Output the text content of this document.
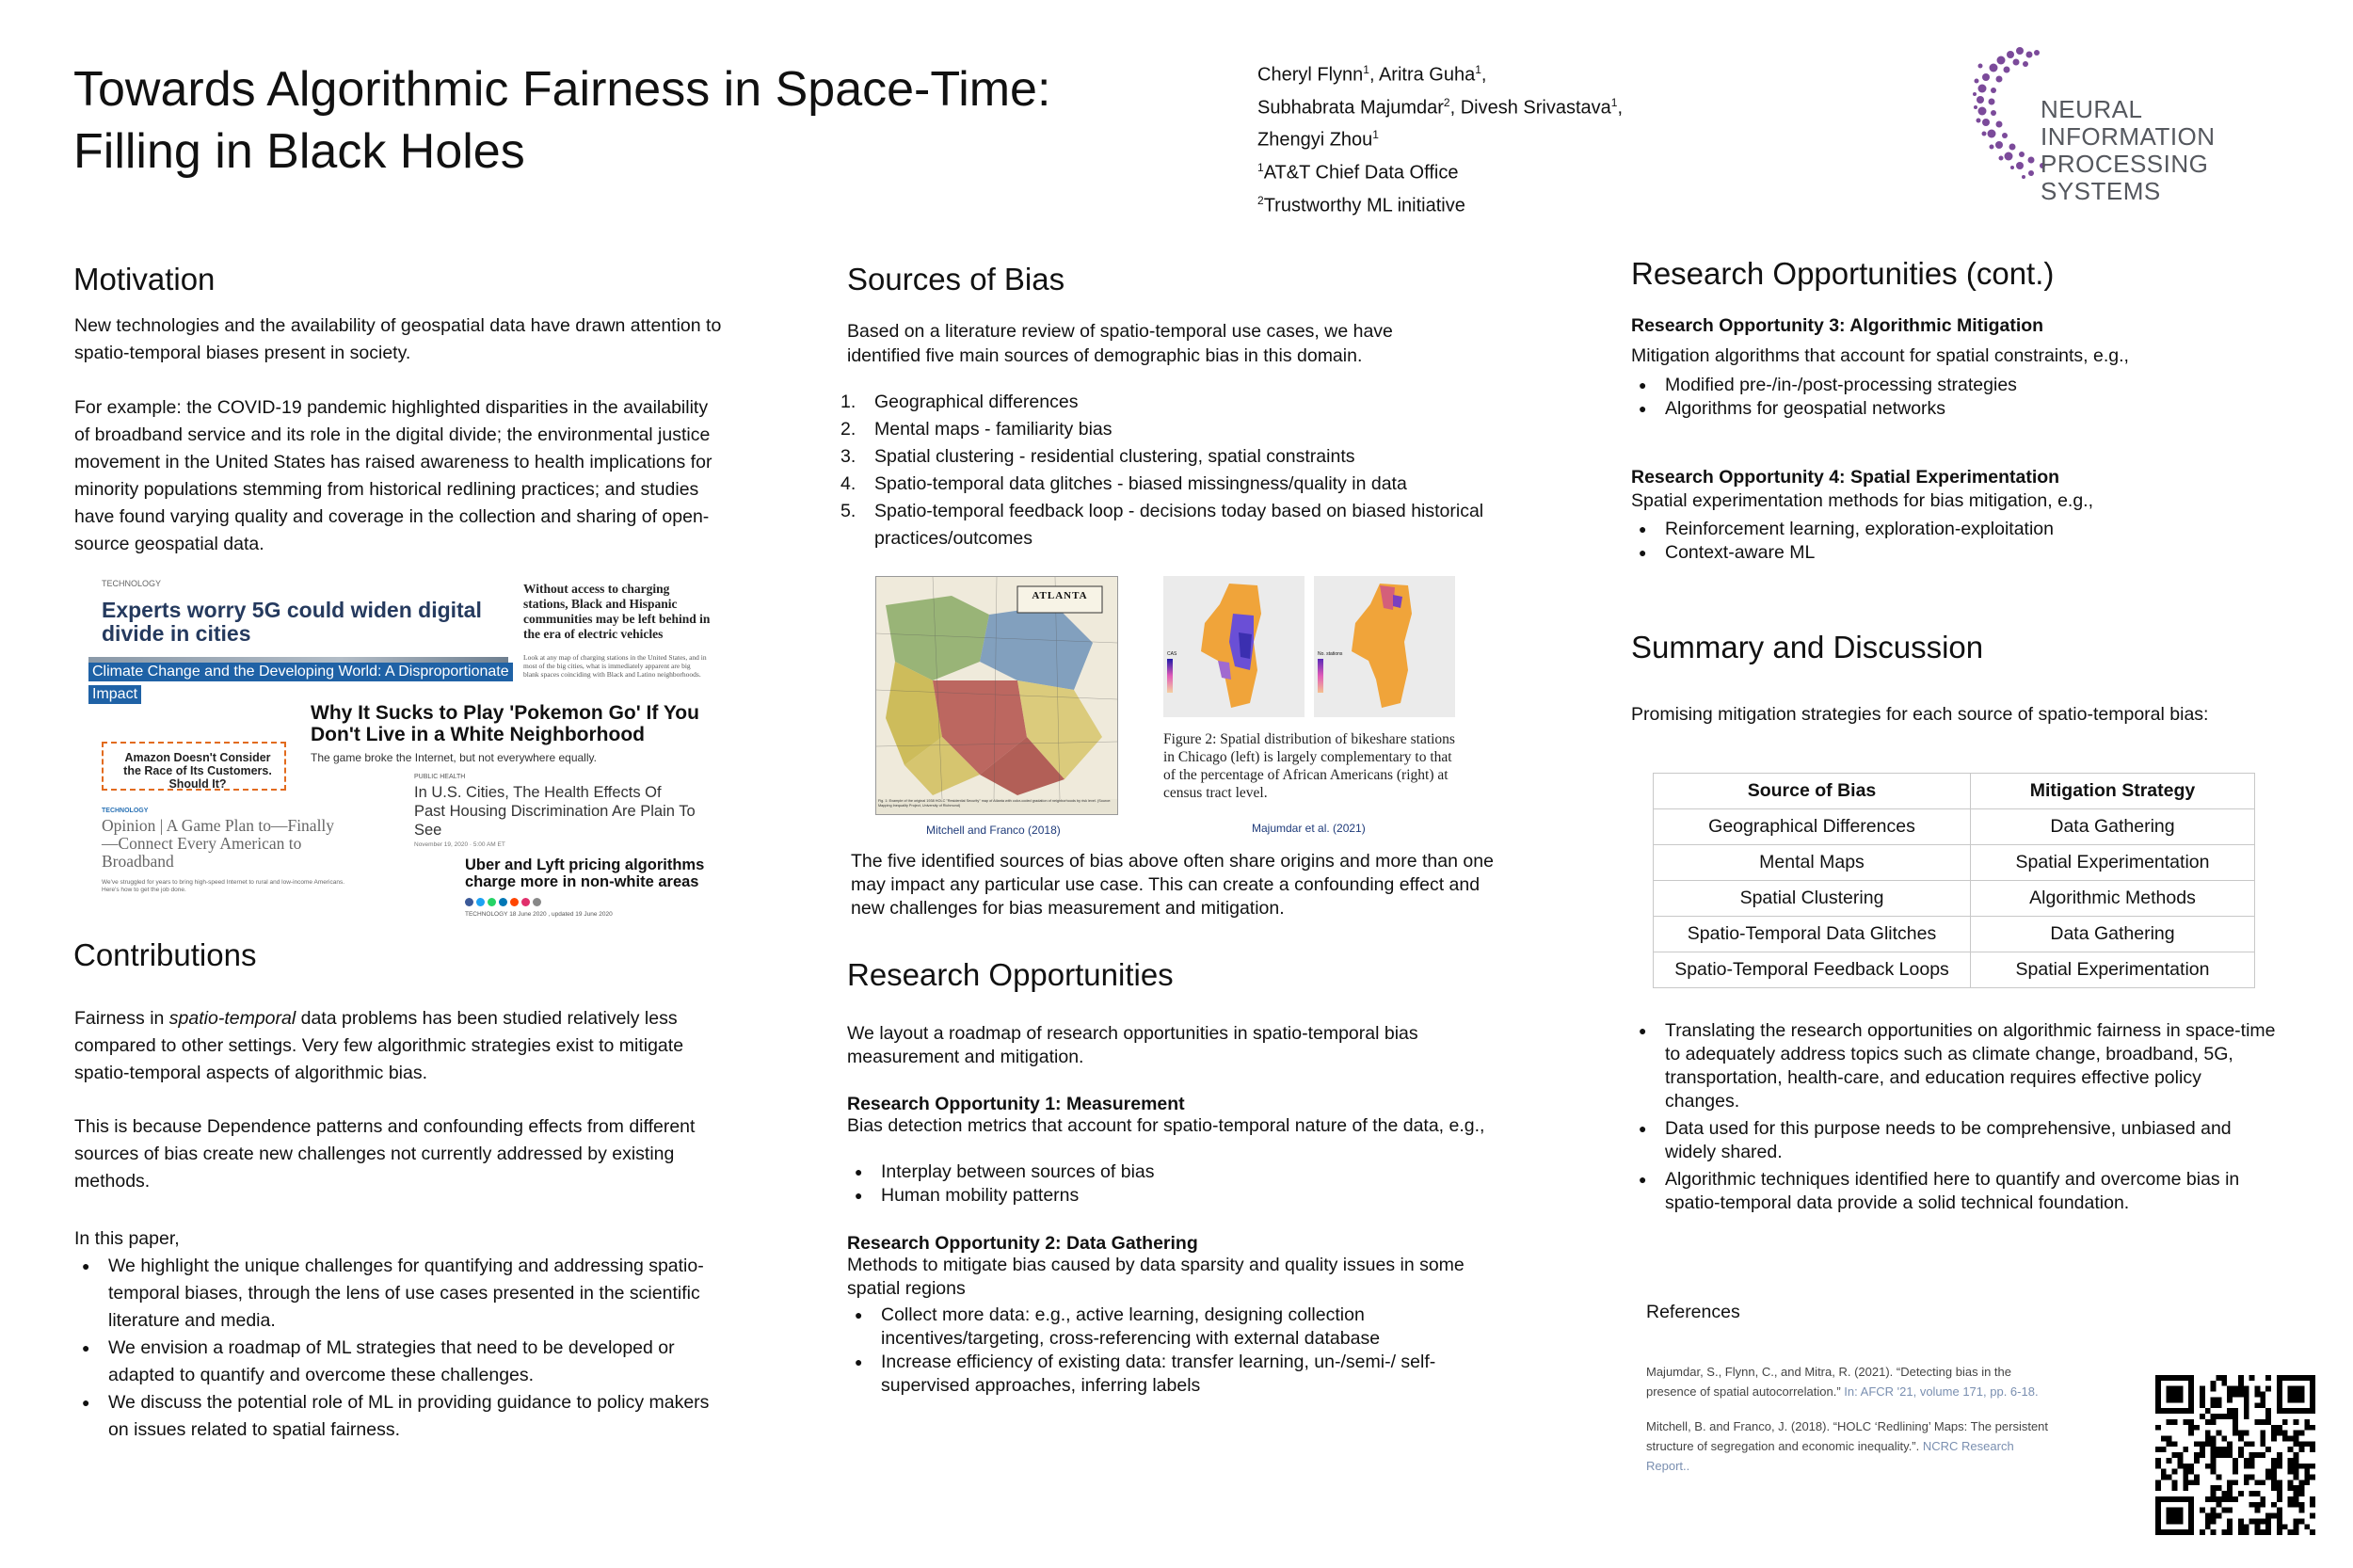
Towards Algorithmic Fairness in Space-Time:
Filling in Black Holes
Cheryl Flynn$^1$, Aritra Guha$^1$,
Subhabrata Majumdar$^2$, Divesh Srivastava$^1$,
Zhengyi Zhou$^1$
$^1$AT&T Chief Data Office
$^2$Trustworthy ML initiative
NEURAL INFORMATION
PROCESSING SYSTEMS
Motivation
New technologies and the availability of geospatial data have drawn attention to spatio-temporal biases present in society.
For example: the COVID-19 pandemic highlighted disparities in the availability of broadband service and its role in the digital divide; the environmental justice movement in the United States has raised awareness to health implications for minority populations stemming from historical redlining practices; and studies have found varying quality and coverage in the collection and sharing of open-source geospatial data.
TECHNOLOGY
Experts worry 5G could widen digital divide in cities
Without access to charging stations, Black and Hispanic communities may be left behind in the era of electric vehicles
Look at any map of charging stations in the United States, and in most of the big cities, what is immediately apparent are big blank spaces coinciding with Black and Latino neighborhoods.
Climate Change and the Developing World: A Disproportionate
Impact
Why It Sucks to Play 'Pokemon Go' If You Don't Live in a White Neighborhood
The game broke the Internet, but not everywhere equally.
Amazon Doesn't Consider the Race of Its Customers. Should It?
PUBLIC HEALTH
In U.S. Cities, The Health Effects Of Past Housing Discrimination Are Plain To See
November 19, 2020 · 5:00 AM ET
TECHNOLOGY
Opinion | A Game Plan to—Finally—Connect Every American to Broadband
We've struggled for years to bring high-speed Internet to rural and low-income Americans. Here's how to get the job done.
Uber and Lyft pricing algorithms charge more in non-white areas
TECHNOLOGY 18 June 2020 , updated 19 June 2020
Contributions
Fairness in spatio-temporal data problems has been studied relatively less compared to other settings. Very few algorithmic strategies exist to mitigate spatio-temporal aspects of algorithmic bias.
This is because Dependence patterns and confounding effects from different sources of bias create new challenges not currently addressed by existing methods.
In this paper,
● We highlight the unique challenges for quantifying and addressing spatio-temporal biases, through the lens of use cases presented in the scientific literature and media.
● We envision a roadmap of ML strategies that need to be developed or adapted to quantify and overcome these challenges.
● We discuss the potential role of ML in providing guidance to policy makers on issues related to spatial fairness.
Sources of Bias
Based on a literature review of spatio-temporal use cases, we have identified five main sources of demographic bias in this domain.
1. Geographical differences
2. Mental maps - familiarity bias
3. Spatial clustering - residential clustering, spatial constraints
4. Spatio-temporal data glitches - biased missingness/quality in data
5. Spatio-temporal feedback loop - decisions today based on biased historical practices/outcomes
ATLANTA
Fig. 1: Example of the original 1938 HOLC "Residential Security" map of Atlanta with color-coded gradation of neighborhoods by risk level. (Source: Mapping Inequality Project, University of Richmond)
Mitchell and Franco (2018)
CAS	No. stations
Figure 2: Spatial distribution of bikeshare stations in Chicago (left) is largely complementary to that of the percentage of African Americans (right) at census tract level.
Majumdar et al. (2021)
The five identified sources of bias above often share origins and more than one may impact any particular use case. This can create a confounding effect and new challenges for bias measurement and mitigation.
Research Opportunities
We layout a roadmap of research opportunities in spatio-temporal bias measurement and mitigation.
Research Opportunity 1: Measurement
Bias detection metrics that account for spatio-temporal nature of the data, e.g.,
● Interplay between sources of bias
● Human mobility patterns
Research Opportunity 2: Data Gathering
Methods to mitigate bias caused by data sparsity and quality issues in some spatial regions
● Collect more data: e.g., active learning, designing collection incentives/targeting, cross-referencing with external database
● Increase efficiency of existing data: transfer learning, un-/semi-/ self-supervised approaches, inferring labels
Research Opportunities (cont.)
Research Opportunity 3: Algorithmic Mitigation
Mitigation algorithms that account for spatial constraints, e.g.,
● Modified pre-/in-/post-processing strategies
● Algorithms for geospatial networks
Research Opportunity 4: Spatial Experimentation
Spatial experimentation methods for bias mitigation, e.g.,
● Reinforcement learning, exploration-exploitation
● Context-aware ML
Summary and Discussion
Promising mitigation strategies for each source of spatio-temporal bias:
Source of Bias	Mitigation Strategy
Geographical Differences	Data Gathering
Mental Maps	Spatial Experimentation
Spatial Clustering	Algorithmic Methods
Spatio-Temporal Data Glitches	Data Gathering
Spatio-Temporal Feedback Loops	Spatial Experimentation
● Translating the research opportunities on algorithmic fairness in space-time to adequately address topics such as climate change, broadband, 5G, transportation, health-care, and education requires effective policy changes.
● Data used for this purpose needs to be comprehensive, unbiased and widely shared.
● Algorithmic techniques identified here to quantify and overcome bias in spatio-temporal data provide a solid technical foundation.
References
Majumdar, S., Flynn, C., and Mitra, R. (2021). “Detecting bias in the presence of spatial autocorrelation.” In: AFCR '21, volume 171, pp. 6-18.
Mitchell, B. and Franco, J. (2018). “HOLC ‘Redlining’ Maps: The persistent structure of segregation and economic inequality.”. NCRC Research Report..
